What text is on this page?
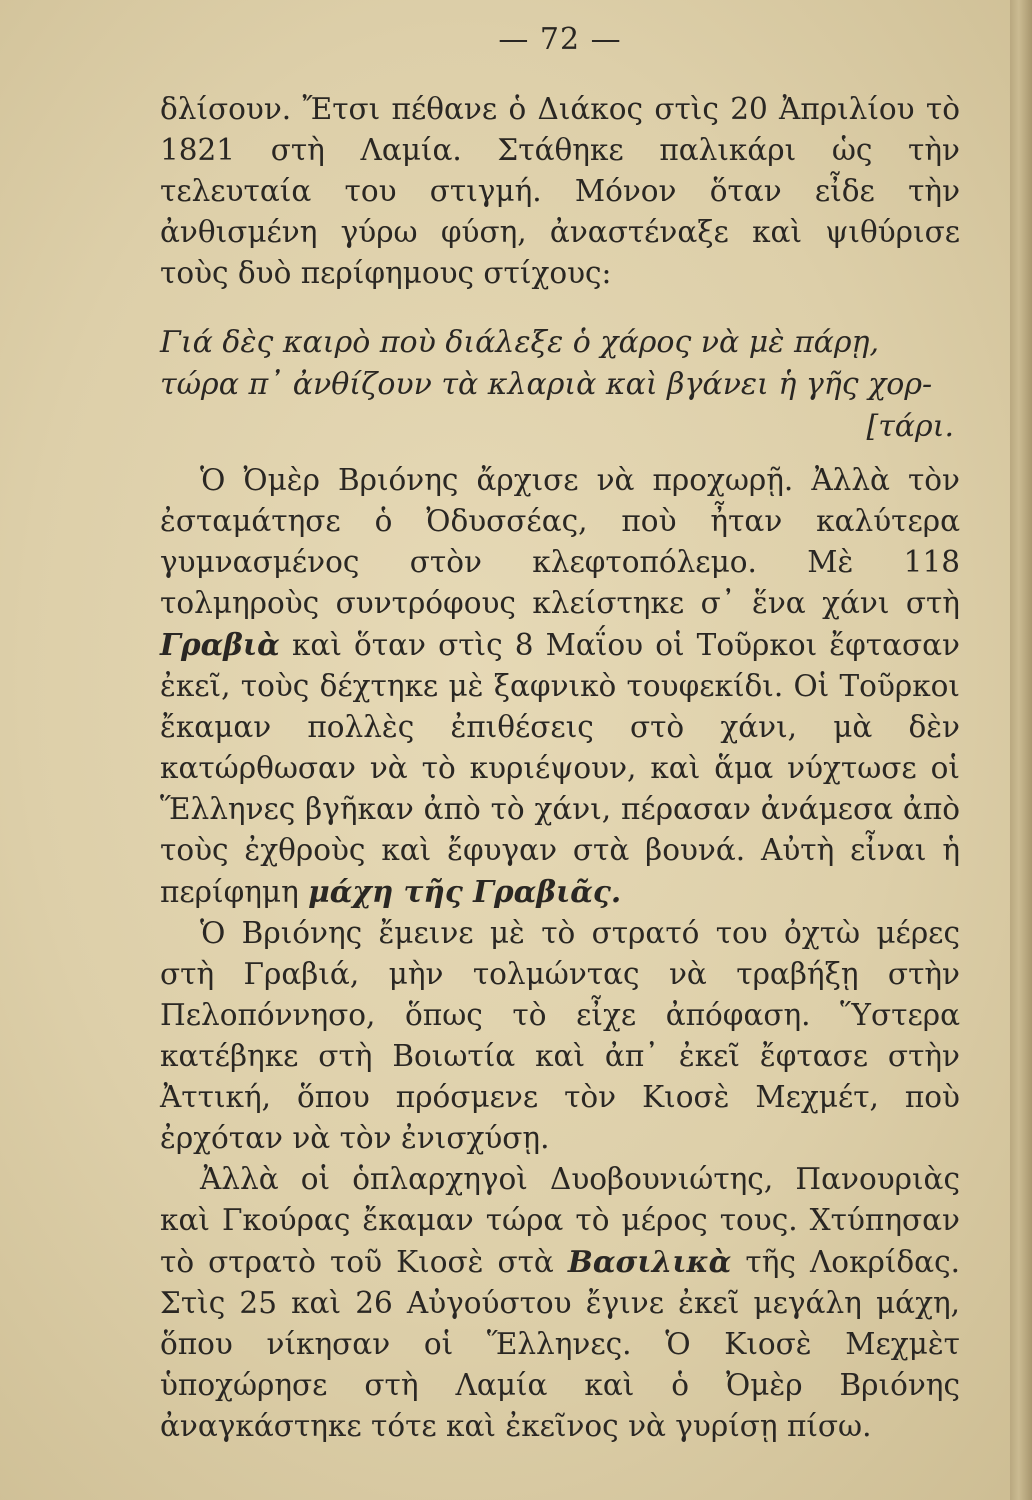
— 72 —

δλίσουν. Ἔτσι πέθανε ὁ Διάκος στὶς 20 Ἀπριλίου τὸ 1821 στὴ Λαμία. Στάθηκε παλικάρι ὡς τὴν τελευταία του στιγμή. Μόνον ὅταν εἶδε τὴν ἀνθισμένη γύρω φύση, ἀναστέναξε καὶ ψιθύρισε τοὺς δυὸ περίφημους στίχους:

Γιά δὲς καιρὸ ποὺ διάλεξε ὁ χάρος νὰ μὲ πάρῃ,
τώρα π᾽ ἀνθίζουν τὰ κλαριὰ καὶ βγάνει ἡ γῆς χορ-
[τάρι.

Ὁ Ὀμὲρ Βριόνης ἄρχισε νὰ προχωρῇ. Ἀλλὰ τὸν ἐσταμάτησε ὁ Ὀδυσσέας, ποὺ ἦταν καλύτερα γυμνασμένος στὸν κλεφτοπόλεμο. Μὲ 118 τολμηροὺς συντρόφους κλείστηκε σ᾽ ἕνα χάνι στὴ Γραβιὰ καὶ ὅταν στὶς 8 Μαΐου οἱ Τοῦρκοι ἔφτασαν ἐκεῖ, τοὺς δέχτηκε μὲ ξαφνικὸ τουφεκίδι. Οἱ Τοῦρκοι ἔκαμαν πολλὲς ἐπιθέσεις στὸ χάνι, μὰ δὲν κατώρθωσαν νὰ τὸ κυριέψουν, καὶ ἅμα νύχτωσε οἱ Ἕλληνες βγῆκαν ἀπὸ τὸ χάνι, πέρασαν ἀνάμεσα ἀπὸ τοὺς ἐχθροὺς καὶ ἔφυγαν στὰ βουνά. Αὐτὴ εἶναι ἡ περίφημη μάχη τῆς Γραβιᾶς.

Ὁ Βριόνης ἔμεινε μὲ τὸ στρατό του ὀχτὼ μέρες στὴ Γραβιά, μὴν τολμώντας νὰ τραβήξῃ στὴν Πελοπόννησο, ὅπως τὸ εἶχε ἀπόφαση. Ὕστερα κατέβηκε στὴ Βοιωτία καὶ ἀπ᾽ ἐκεῖ ἔφτασε στὴν Ἀττική, ὅπου πρόσμενε τὸν Κιοσὲ Μεχμέτ, ποὺ ἐρχόταν νὰ τὸν ἐνισχύσῃ.

Ἀλλὰ οἱ ὁπλαρχηγοὶ Δυοβουνιώτης, Πανουριὰς καὶ Γκούρας ἔκαμαν τώρα τὸ μέρος τους. Χτύπησαν τὸ στρατὸ τοῦ Κιοσὲ στὰ Βασιλικὰ τῆς Λοκρίδας. Στὶς 25 καὶ 26 Αὐγούστου ἔγινε ἐκεῖ μεγάλη μάχη, ὅπου νίκησαν οἱ Ἕλληνες. Ὁ Κιοσὲ Μεχμὲτ ὑποχώρησε στὴ Λαμία καὶ ὁ Ὀμὲρ Βριόνης ἀναγκάστηκε τότε καὶ ἐκεῖνος νὰ γυρίσῃ πίσω.
